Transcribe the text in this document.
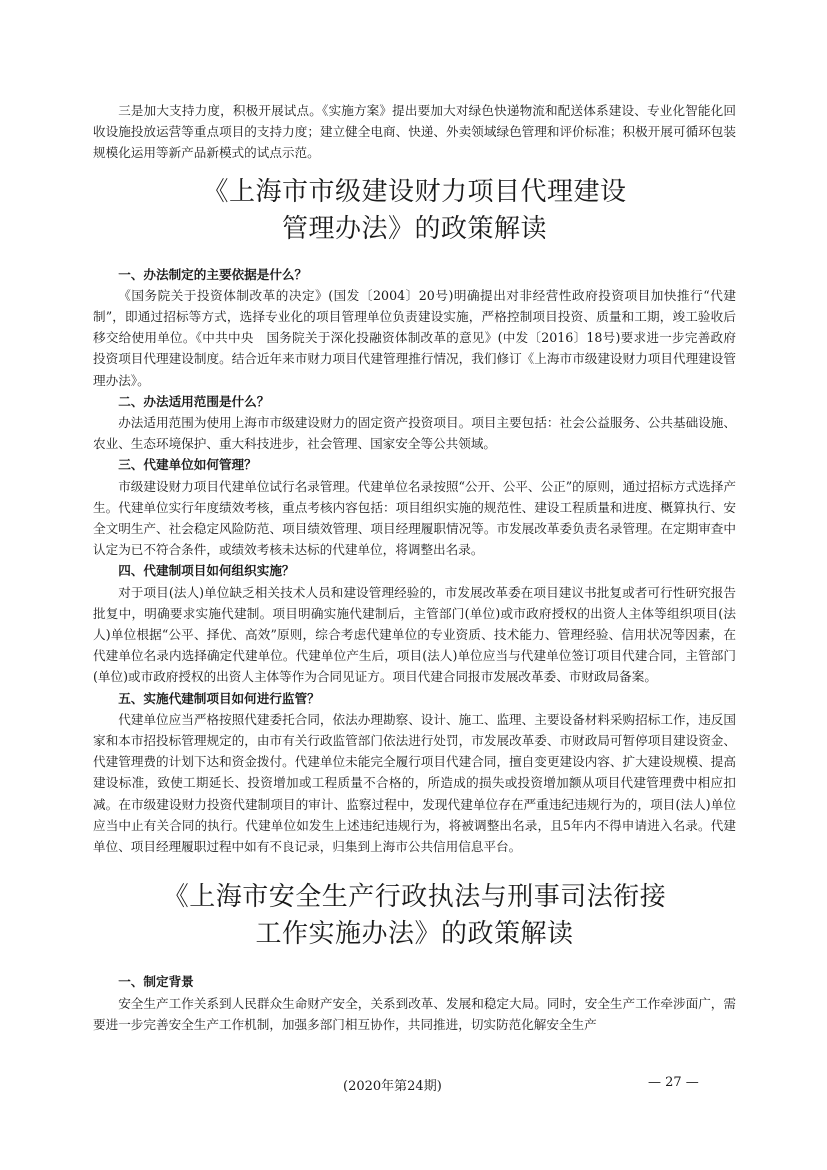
三是加大支持力度，积极开展试点。《实施方案》提出要加大对绿色快递物流和配送体系建设、专业化智能化回收设施投放运营等重点项目的支持力度；建立健全电商、快递、外卖领域绿色管理和评价标准；积极开展可循环包装规模化运用等新产品新模式的试点示范。

《上海市市级建设财力项目代理建设
管理办法》的政策解读
一、办法制定的主要依据是什么？

《国务院关于投资体制改革的决定》(国发〔2004〕20号)明确提出对非经营性政府投资项目加快推行“代建制”，即通过招标等方式，选择专业化的项目管理单位负责建设实施，严格控制项目投资、质量和工期，竣工验收后移交给使用单位。《中共中央　国务院关于深化投融资体制改革的意见》(中发〔2016〕18号)要求进一步完善政府投资项目代理建设制度。结合近年来市财力项目代建管理推行情况，我们修订《上海市市级建设财力项目代理建设管理办法》。

二、办法适用范围是什么？

办法适用范围为使用上海市市级建设财力的固定资产投资项目。项目主要包括：社会公益服务、公共基础设施、农业、生态环境保护、重大科技进步，社会管理、国家安全等公共领域。

三、代建单位如何管理？

市级建设财力项目代建单位试行名录管理。代建单位名录按照“公开、公平、公正”的原则，通过招标方式选择产生。代建单位实行年度绩效考核，重点考核内容包括：项目组织实施的规范性、建设工程质量和进度、概算执行、安全文明生产、社会稳定风险防范、项目绩效管理、项目经理履职情况等。市发展改革委负责名录管理。在定期审查中认定为已不符合条件，或绩效考核未达标的代建单位，将调整出名录。

四、代建制项目如何组织实施？

对于项目(法人)单位缺乏相关技术人员和建设管理经验的，市发展改革委在项目建议书批复或者可行性研究报告批复中，明确要求实施代建制。项目明确实施代建制后，主管部门(单位)或市政府授权的出资人主体等组织项目(法人)单位根据“公平、择优、高效”原则，综合考虑代建单位的专业资质、技术能力、管理经验、信用状况等因素，在代建单位名录内选择确定代建单位。代建单位产生后，项目(法人)单位应当与代建单位签订项目代建合同，主管部门(单位)或市政府授权的出资人主体等作为合同见证方。项目代建合同报市发展改革委、市财政局备案。

五、实施代建制项目如何进行监管？

代建单位应当严格按照代建委托合同，依法办理勘察、设计、施工、监理、主要设备材料采购招标工作，违反国家和本市招投标管理规定的，由市有关行政监管部门依法进行处罚，市发展改革委、市财政局可暂停项目建设资金、代建管理费的计划下达和资金拨付。代建单位未能完全履行项目代建合同，擅自变更建设内容、扩大建设规模、提高建设标准，致使工期延长、投资增加或工程质量不合格的，所造成的损失或投资增加额从项目代建管理费中相应扣减。在市级建设财力投资代建制项目的审计、监察过程中，发现代建单位存在严重违纪违规行为的，项目(法人)单位应当中止有关合同的执行。代建单位如发生上述违纪违规行为，将被调整出名录，且5年内不得申请进入名录。代建单位、项目经理履职过程中如有不良记录，归集到上海市公共信用信息平台。

《上海市安全生产行政执法与刑事司法衔接
工作实施办法》的政策解读
一、制定背景

安全生产工作关系到人民群众生命财产安全，关系到改革、发展和稳定大局。同时，安全生产工作牵涉面广，需要进一步完善安全生产工作机制，加强多部门相互协作，共同推进，切实防范化解安全生产

(2020年第24期)	— 27 —
